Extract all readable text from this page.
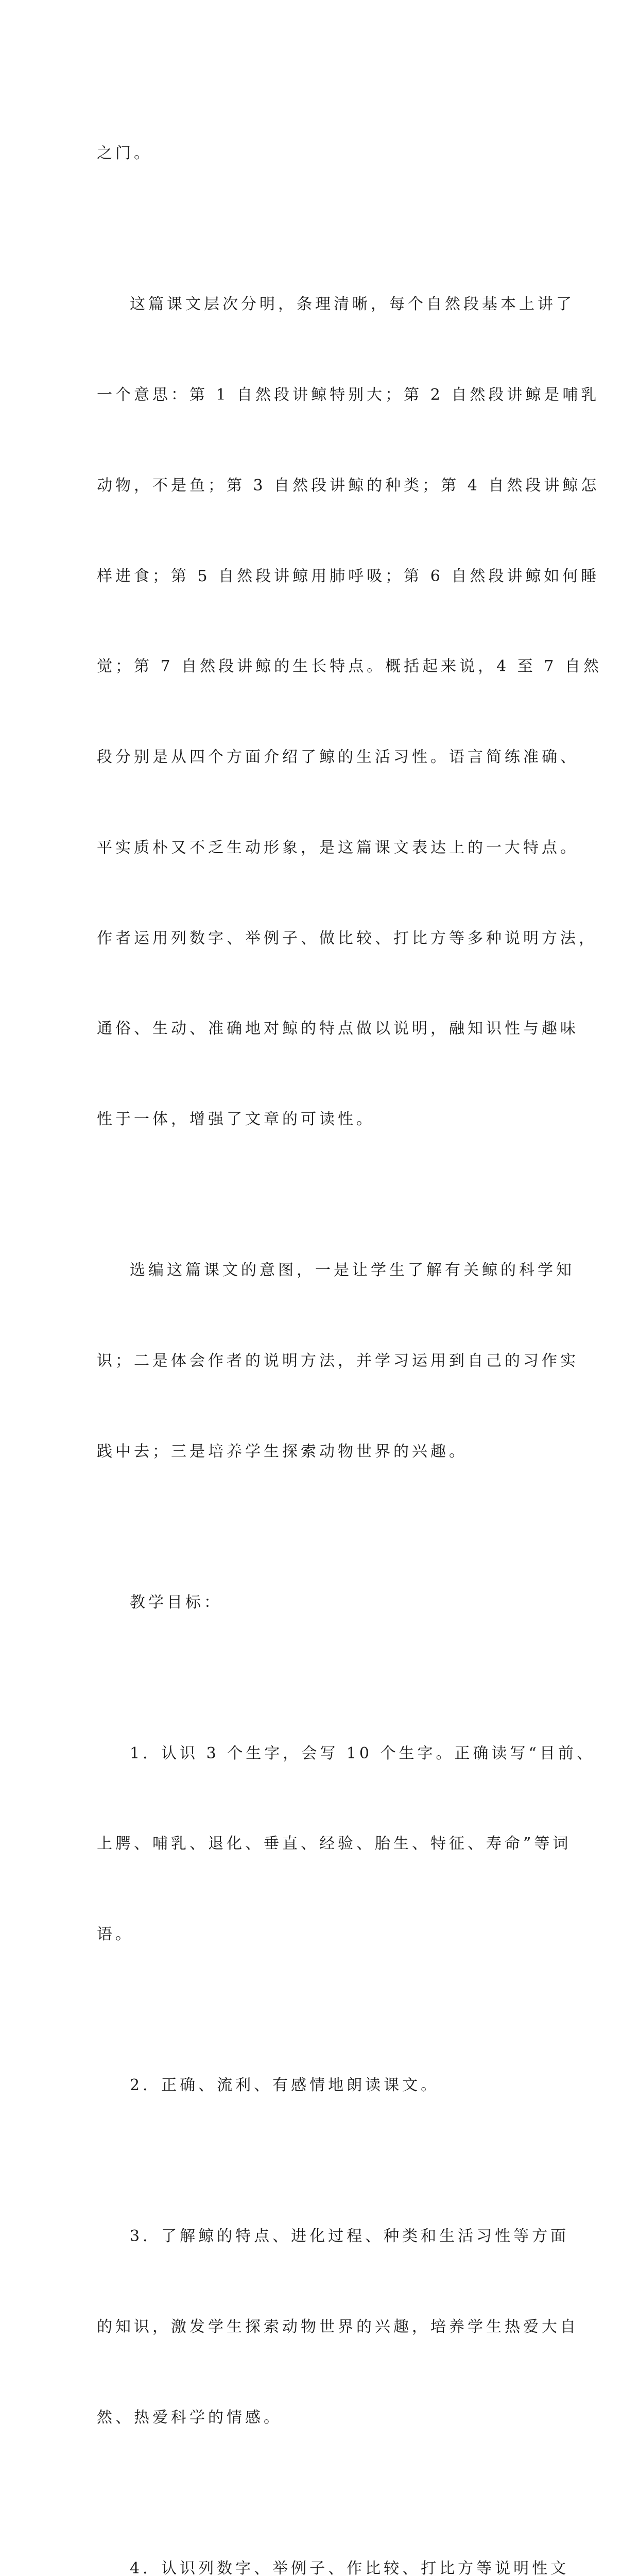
之门。

这篇课文层次分明，条理清晰，每个自然段基本上讲了

一个意思：第 1 自然段讲鲸特别大；第 2 自然段讲鲸是哺乳

动物，不是鱼；第 3 自然段讲鲸的种类；第 4 自然段讲鲸怎

样进食；第 5 自然段讲鲸用肺呼吸；第 6 自然段讲鲸如何睡

觉；第 7 自然段讲鲸的生长特点。概括起来说，4 至 7 自然

段分别是从四个方面介绍了鲸的生活习性。语言简练准确、

平实质朴又不乏生动形象，是这篇课文表达上的一大特点。

作者运用列数字、举例子、做比较、打比方等多种说明方法，

通俗、生动、准确地对鲸的特点做以说明，融知识性与趣味

性于一体，增强了文章的可读性。

选编这篇课文的意图，一是让学生了解有关鲸的科学知

识；二是体会作者的说明方法，并学习运用到自己的习作实

践中去；三是培养学生探索动物世界的兴趣。

教学目标：

1．认识 3 个生字，会写 10 个生字。正确读写“目前、

上腭、哺乳、退化、垂直、经验、胎生、特征、寿命”等词

语。

2．正确、流利、有感情地朗读课文。

3．了解鲸的特点、进化过程、种类和生活习性等方面

的知识，激发学生探索动物世界的兴趣，培养学生热爱大自

然、热爱科学的情感。

4．认识列数字、举例子、作比较、打比方等说明性文
